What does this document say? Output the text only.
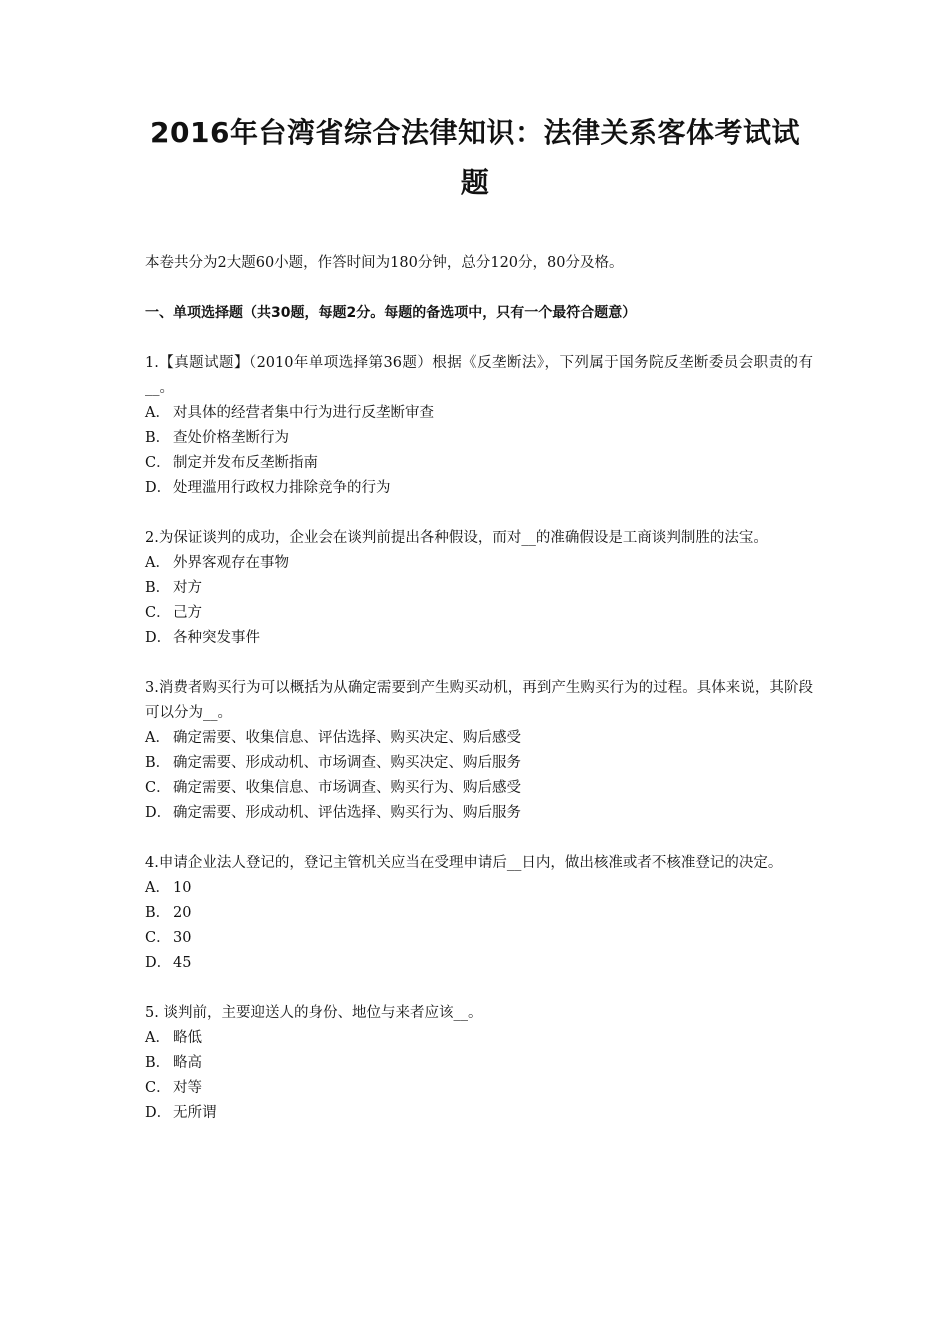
2016年台湾省综合法律知识：法律关系客体考试试
题

本卷共分为2大题60小题，作答时间为180分钟，总分120分，80分及格。

一、单项选择题（共30题，每题2分。每题的备选项中，只有一个最符合题意）

1.【真题试题】（2010年单项选择第36题）根据《反垄断法》，下列属于国务院反垄断委员会职责的有__。

A． 对具体的经营者集中行为进行反垄断审查

B． 查处价格垄断行为

C． 制定并发布反垄断指南

D． 处理滥用行政权力排除竞争的行为

2.为保证谈判的成功，企业会在谈判前提出各种假设，而对__的准确假设是工商谈判制胜的法宝。

A． 外界客观存在事物

B． 对方

C． 己方

D． 各种突发事件

3.消费者购买行为可以概括为从确定需要到产生购买动机，再到产生购买行为的过程。具体来说，其阶段可以分为__。

A． 确定需要、收集信息、评估选择、购买决定、购后感受

B． 确定需要、形成动机、市场调查、购买决定、购后服务

C． 确定需要、收集信息、市场调查、购买行为、购后感受

D． 确定需要、形成动机、评估选择、购买行为、购后服务

4.申请企业法人登记的，登记主管机关应当在受理申请后__日内，做出核准或者不核准登记的决定。

A． 10

B． 20

C． 30

D． 45

5. 谈判前，主要迎送人的身份、地位与来者应该__。

A． 略低

B． 略高

C． 对等

D． 无所谓
